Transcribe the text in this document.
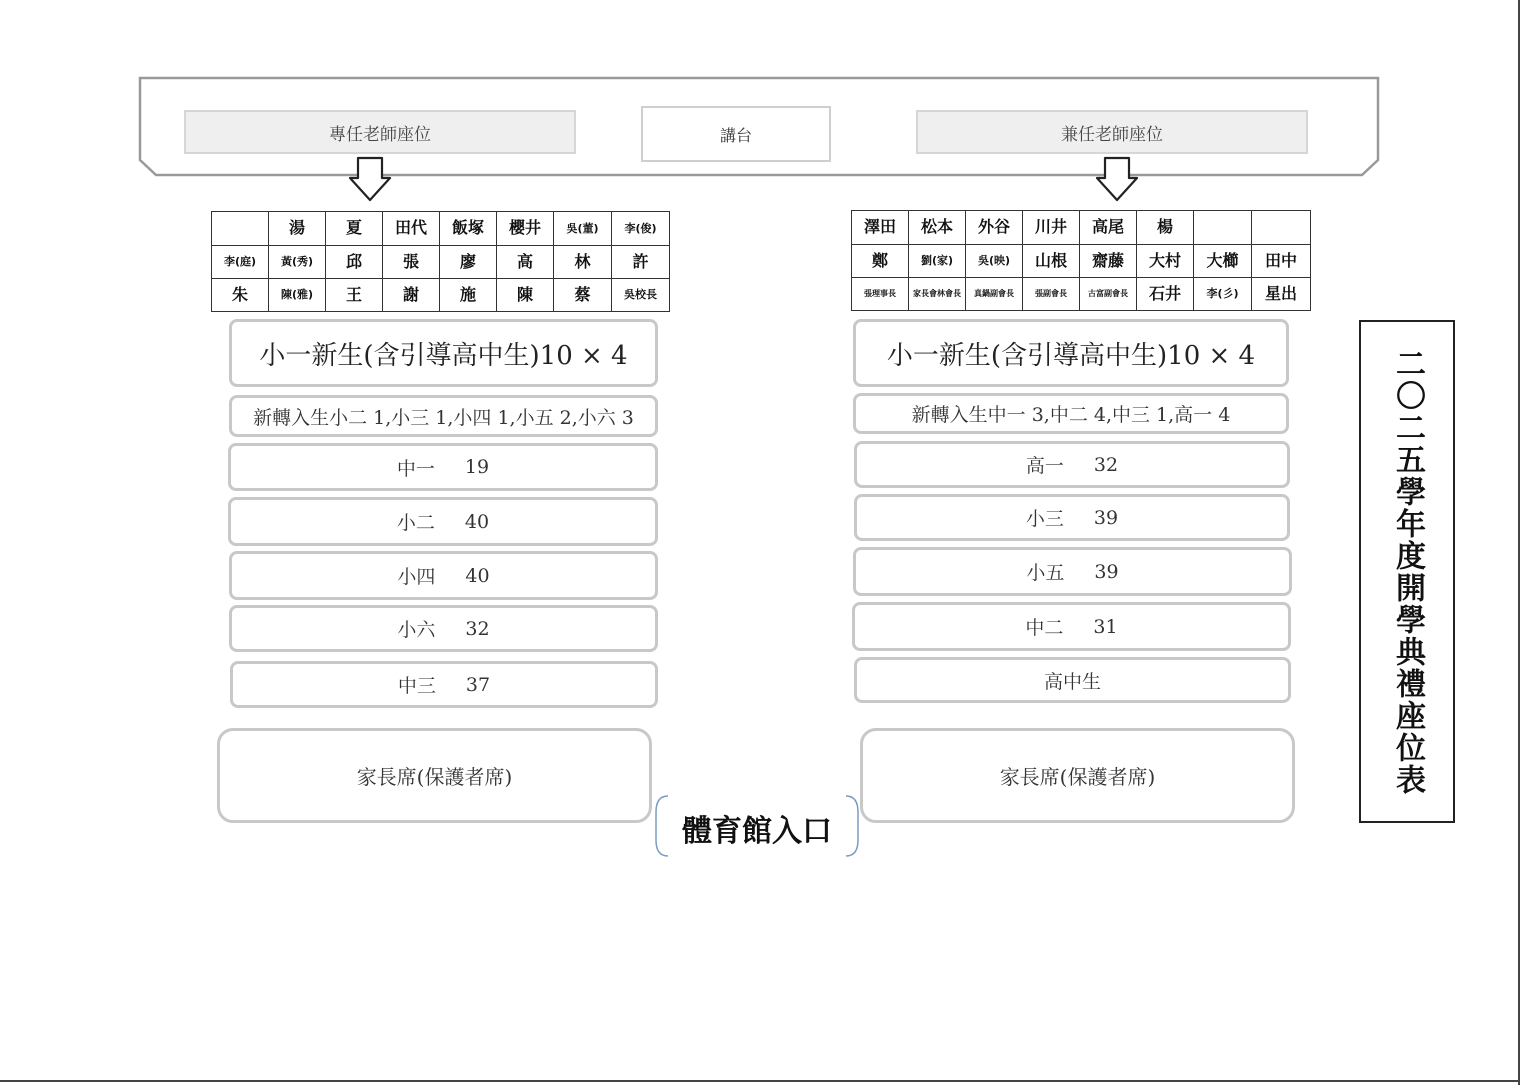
專任老師座位	講台	兼任老師座位
	湯	夏	田代	飯塚	櫻井	吳(董)	李(俊)
李(庭)	黃(秀)	邱	張	廖	高	林	許
朱	陳(雅)	王	謝	施	陳	蔡	吳校長
澤田	松本	外谷	川井	高尾	楊		
鄭	劉(家)	吳(映)	山根	齋藤	大村	大櫛	田中
張理事長	家長會林會長	真鍋副會長	張副會長	古富副會長	石井	李(彡)	星出
小一新生(含引導高中生)10 × 4
新轉入生小二 1,小三 1,小四 1,小五 2,小六 3
中一 19
小二 40
小四 40
小六 32
中三 37
家長席(保護者席)
小一新生(含引導高中生)10 × 4
新轉入生中一 3,中二 4,中三 1,高一 4
高一 32
小三 39
小五 39
中二 31
高中生
家長席(保護者席)
體育館入口
二〇二五學年度開學典禮座位表
